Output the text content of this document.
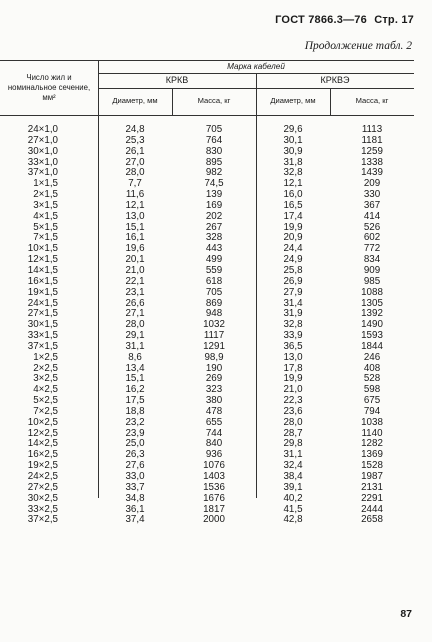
ГОСТ 7866.3—76 Стр. 17
Продолжение табл. 2
Число жил и номинальное сечение, мм²
Марка кабелей
КРКВ	КРКВЭ
Диаметр, мм	Масса, кг	Диаметр, мм	Масса, кг
24×1,0	24,8	705	29,6	1113
27×1,0	25,3	764	30,1	1181
30×1,0	26,1	830	30,9	1259
33×1,0	27,0	895	31,8	1338
37×1,0	28,0	982	32,8	1439
1×1,5	7,7	74,5	12,1	209
2×1,5	11,6	139	16,0	330
3×1,5	12,1	169	16,5	367
4×1,5	13,0	202	17,4	414
5×1,5	15,1	267	19,9	526
7×1,5	16,1	328	20,9	602
10×1,5	19,6	443	24,4	772
12×1,5	20,1	499	24,9	834
14×1,5	21,0	559	25,8	909
16×1,5	22,1	618	26,9	985
19×1,5	23,1	705	27,9	1088
24×1,5	26,6	869	31,4	1305
27×1,5	27,1	948	31,9	1392
30×1,5	28,0	1032	32,8	1490
33×1,5	29,1	1117	33,9	1593
37×1,5	31,1	1291	36,5	1844
1×2,5	8,6	98,9	13,0	246
2×2,5	13,4	190	17,8	408
3×2,5	15,1	269	19,9	528
4×2,5	16,2	323	21,0	598
5×2,5	17,5	380	22,3	675
7×2,5	18,8	478	23,6	794
10×2,5	23,2	655	28,0	1038
12×2,5	23,9	744	28,7	1140
14×2,5	25,0	840	29,8	1282
16×2,5	26,3	936	31,1	1369
19×2,5	27,6	1076	32,4	1528
24×2,5	33,0	1403	38,4	1987
27×2,5	33,7	1536	39,1	2131
30×2,5	34,8	1676	40,2	2291
33×2,5	36,1	1817	41,5	2444
37×2,5	37,4	2000	42,8	2658
87
